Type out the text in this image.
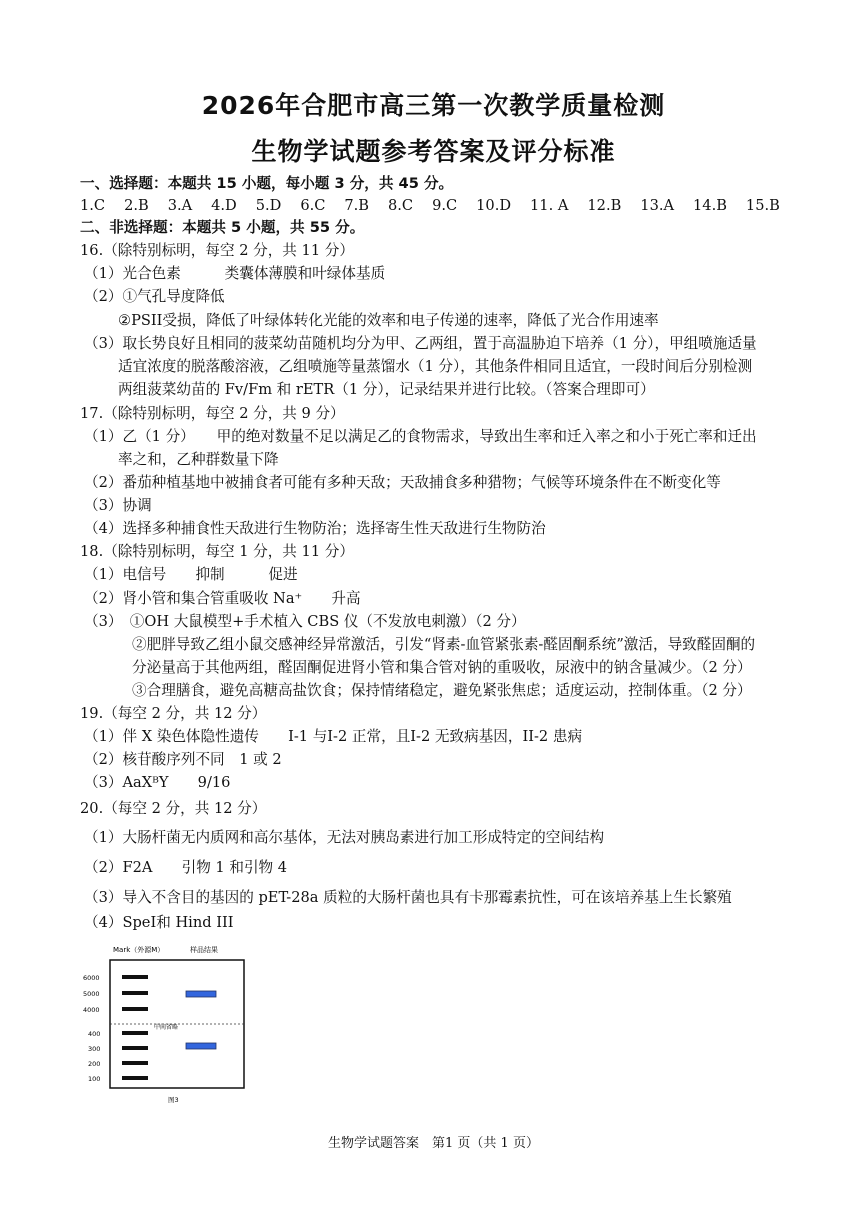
2026年合肥市高三第一次教学质量检测
生物学试题参考答案及评分标准
一、选择题：本题共 15 小题，每小题 3 分，共 45 分。
1.C 2.B 3.A 4.D 5.D 6.C 7.B 8.C 9.C 10.D 11. A 12.B 13.A 14.B 15.B
二、非选择题：本题共 5 小题，共 55 分。
16.（除特别标明，每空 2 分，共 11 分）
（1）光合色素　　　类囊体薄膜和叶绿体基质
（2）①气孔导度降低
②PSII受损，降低了叶绿体转化光能的效率和电子传递的速率，降低了光合作用速率
（3）取长势良好且相同的菠菜幼苗随机均分为甲、乙两组，置于高温胁迫下培养（1 分），甲组喷施适量
适宜浓度的脱落酸溶液，乙组喷施等量蒸馏水（1 分），其他条件相同且适宜，一段时间后分别检测
两组菠菜幼苗的 Fv/Fm 和 rETR（1 分），记录结果并进行比较。（答案合理即可）
17.（除特别标明，每空 2 分，共 9 分）
（1）乙（1 分）　　甲的绝对数量不足以满足乙的食物需求，导致出生率和迁入率之和小于死亡率和迁出
率之和，乙种群数量下降
（2）番茄种植基地中被捕食者可能有多种天敌；天敌捕食多种猎物；气候等环境条件在不断变化等
（3）协调
（4）选择多种捕食性天敌进行生物防治；选择寄生性天敌进行生物防治
18.（除特别标明，每空 1 分，共 11 分）
（1）电信号　　抑制　　　促进
（2）肾小管和集合管重吸收 Na⁺　　升高
（3）　①OH 大鼠模型+手术植入 CBS 仪（不发放电刺激）（2 分）
②肥胖导致乙组小鼠交感神经异常激活，引发“肾素-血管紧张素-醛固酮系统”激活，导致醛固酮的
分泌量高于其他两组，醛固酮促进肾小管和集合管对钠的重吸收，尿液中的钠含量减少。（2 分）
③合理膳食，避免高糖高盐饮食；保持情绪稳定，避免紧张焦虑；适度运动，控制体重。（2 分）
19.（每空 2 分，共 12 分）
（1）伴 X 染色体隐性遗传　　I-1 与I-2 正常，且I-2 无致病基因，II-2 患病
（2）核苷酸序列不同　1 或 2
（3）AaXᴮY　　9/16
20.（每空 2 分，共 12 分）
（1）大肠杆菌无内质网和高尔基体，无法对胰岛素进行加工形成特定的空间结构
（2）F2A　　引物 1 和引物 4
（3）导入不含目的基因的 pET-28a 质粒的大肠杆菌也具有卡那霉素抗性，可在该培养基上生长繁殖
（4）SpeI和 Hind III
Mark（外源M）	样品结果
中间省略
6000
5000
4000
400
300
200
100
图3
生物学试题答案　第1 页（共 1 页）
